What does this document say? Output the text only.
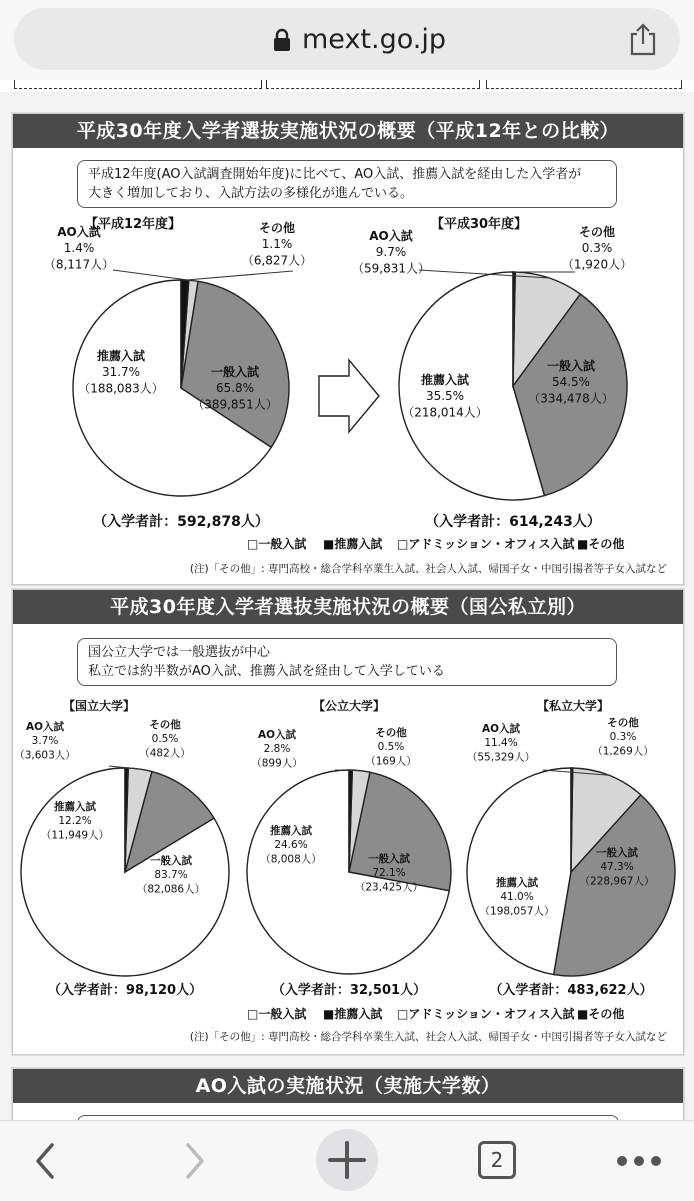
mext.go.jp
平成30年度入学者選抜実施状況の概要（平成12年との比較）
平成12年度(AO入試調査開始年度)に比べて、AO入試、推薦入試を経由した入学者が
大きく増加しており、入試方法の多様化が進んでいる。
【平成12年度】
一般入試
65.8%
（389,851人）
推薦入試
31.7%
（188,083人）
AO入試
1.4%
（8,117人）
その他
1.1%
（6,827人）
（入学者計：592,878人）
【平成30年度】
一般入試
54.5%
（334,478人）
推薦入試
35.5%
（218,014人）
AO入試
9.7%
（59,831人）
その他
0.3%
（1,920人）
（入学者計：614,243人）
□一般入試 ■推薦入試 □アドミッション・オフィス入試 ■その他
(注)「その他」: 専門高校・総合学科卒業生入試、社会人入試、帰国子女・中国引揚者等子女入試など
平成30年度入学者選抜実施状況の概要（国公私立別）
国公立大学では一般選抜が中心
私立では約半数がAO入試、推薦入試を経由して入学している
【国立大学】
一般入試
83.7%
（82,086人）
推薦入試
12.2%
（11,949人）
AO入試
3.7%
（3,603人）
その他
0.5%
（482人）
（入学者計：98,120人）
【公立大学】
一般入試
72.1%
（23,425人）
推薦入試
24.6%
（8,008人）
AO入試
2.8%
（899人）
その他
0.5%
（169人）
（入学者計：32,501人）
【私立大学】
一般入試
47.3%
（228,967人）
推薦入試
41.0%
（198,057人）
AO入試
11.4%
（55,329人）
その他
0.3%
（1,269人）
（入学者計：483,622人）
□一般入試 ■推薦入試 □アドミッション・オフィス入試 ■その他
(注)「その他」: 専門高校・総合学科卒業生入試、社会人入試、帰国子女・中国引揚者等子女入試など
AO入試の実施状況（実施大学数）
2
